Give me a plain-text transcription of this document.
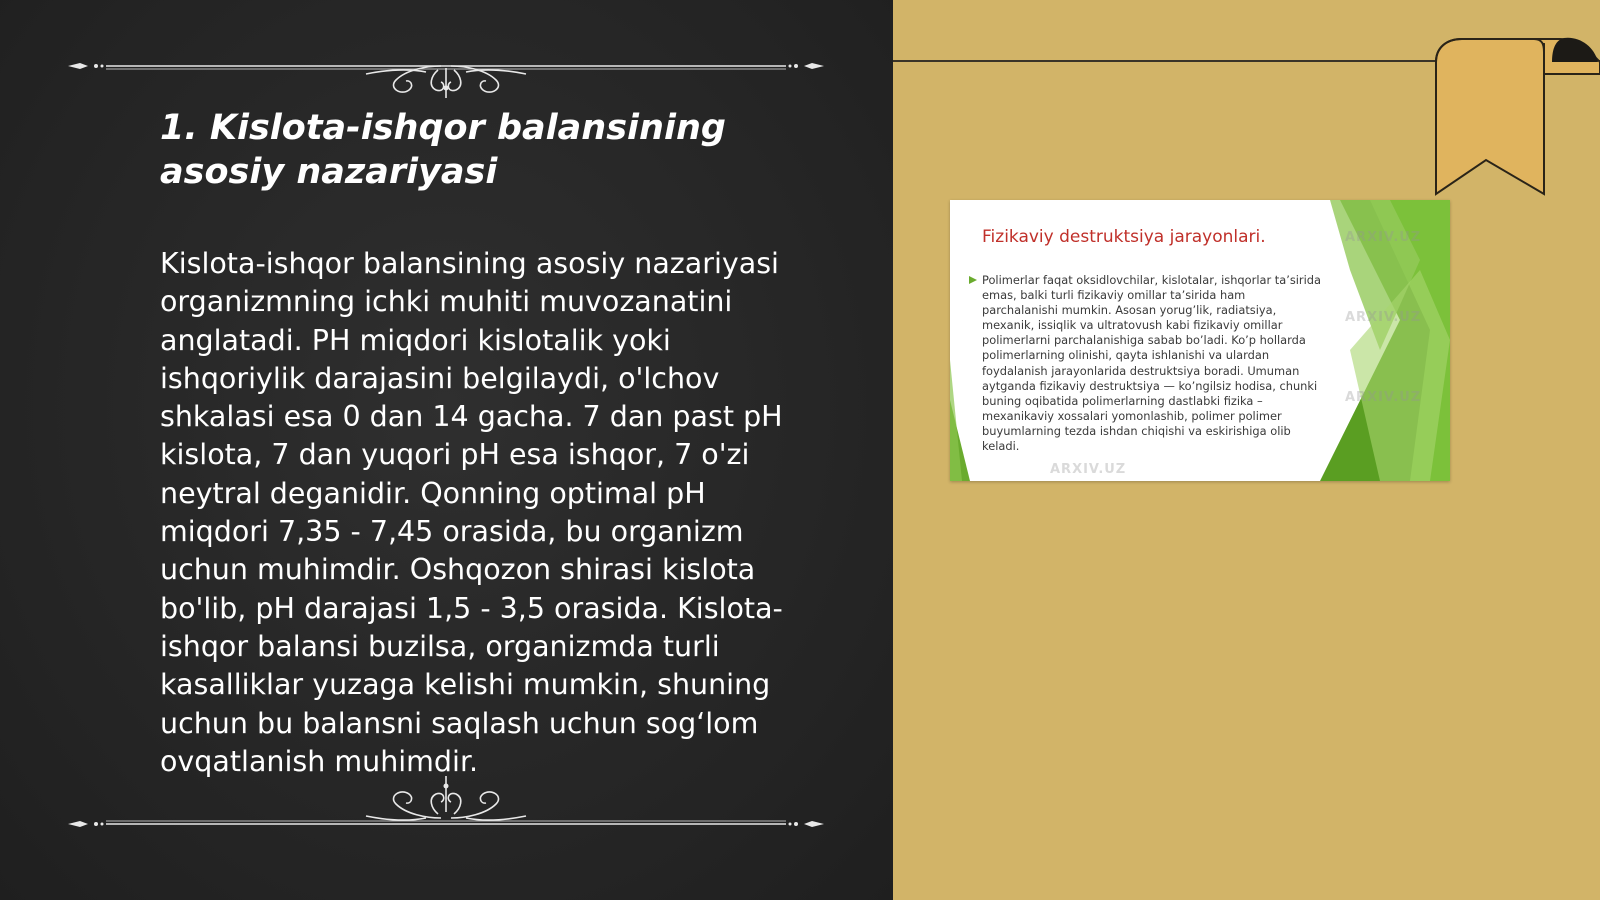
1. Kislota-ishqor balansining asosiy nazariyasi

Kislota-ishqor balansining asosiy nazariyasi organizmning ichki muhiti muvozanatini anglatadi. PH miqdori kislotalik yoki ishqoriylik darajasini belgilaydi, o'lchov shkalasi esa 0 dan 14 gacha. 7 dan past pH kislota, 7 dan yuqori pH esa ishqor, 7 o'zi neytral deganidir. Qonning optimal pH miqdori 7,35 - 7,45 orasida, bu organizm uchun muhimdir. Oshqozon shirasi kislota bo'lib, pH darajasi 1,5 - 3,5 orasida. Kislota-ishqor balansi buzilsa, organizmda turli kasalliklar yuzaga kelishi mumkin, shuning uchun bu balansni saqlash uchun sog‘lom ovqatlanish muhimdir.

ARXIV.UZ
ARXIV.UZ
ARXIV.UZ
ARXIV.UZ
Fizikaviy destruktsiya jarayonlari.
Polimerlar faqat oksidlovchilar, kislotalar, ishqorlar ta’sirida emas, balki turli fizikaviy omillar ta’sirida ham parchalanishi mumkin. Asosan yorug’lik, radiatsiya, mexanik, issiqlik va ultratovush kabi fizikaviy omillar polimerlarni parchalanishiga sabab bo’ladi. Ko’p hollarda polimerlarning olinishi, qayta ishlanishi va ulardan foydalanish jarayonlarida destruktsiya boradi. Umuman aytganda fizikaviy destruktsiya — ko’ngilsiz hodisa, chunki buning oqibatida polimerlarning dastlabki fizika – mexanikaviy xossalari yomonlashib, polimer polimer buyumlarning tezda ishdan chiqishi va eskirishiga olib keladi.
